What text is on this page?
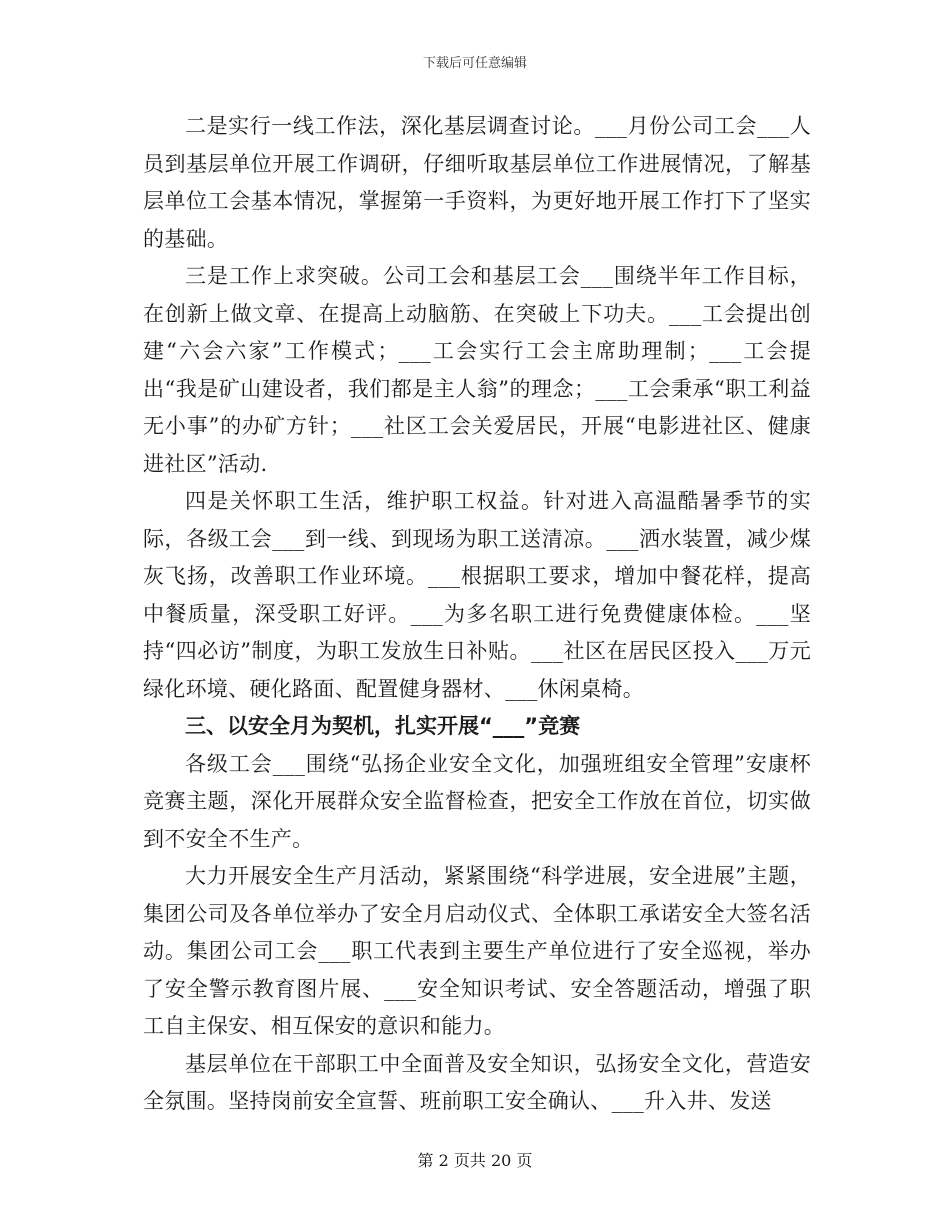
下载后可任意编辑

二是实行一线工作法，深化基层调查讨论。___月份公司工会___人员到基层单位开展工作调研，仔细听取基层单位工作进展情况，了解基层单位工会基本情况，掌握第一手资料，为更好地开展工作打下了坚实的基础。

三是工作上求突破。公司工会和基层工会___围绕半年工作目标，在创新上做文章、在提高上动脑筋、在突破上下功夫。___工会提出创建“六会六家”工作模式；___工会实行工会主席助理制；___工会提出“我是矿山建设者，我们都是主人翁”的理念；___工会秉承“职工利益无小事”的办矿方针；___社区工会关爱居民，开展“电影进社区、健康进社区”活动.

四是关怀职工生活，维护职工权益。针对进入高温酷暑季节的实际，各级工会___到一线、到现场为职工送清凉。___洒水装置，减少煤灰飞扬，改善职工作业环境。___根据职工要求，增加中餐花样，提高中餐质量，深受职工好评。___为多名职工进行免费健康体检。___坚持“四必访”制度，为职工发放生日补贴。___社区在居民区投入___万元绿化环境、硬化路面、配置健身器材、___休闲桌椅。

三、以安全月为契机，扎实开展“___”竞赛

各级工会___围绕“弘扬企业安全文化，加强班组安全管理”安康杯竞赛主题，深化开展群众安全监督检查，把安全工作放在首位，切实做到不安全不生产。

大力开展安全生产月活动，紧紧围绕“科学进展，安全进展”主题，集团公司及各单位举办了安全月启动仪式、全体职工承诺安全大签名活动。集团公司工会___职工代表到主要生产单位进行了安全巡视，举办了安全警示教育图片展、___安全知识考试、安全答题活动，增强了职工自主保安、相互保安的意识和能力。

基层单位在干部职工中全面普及安全知识，弘扬安全文化，营造安全氛围。坚持岗前安全宣誓、班前职工安全确认、___升入井、发送

第 2 页共 20 页
